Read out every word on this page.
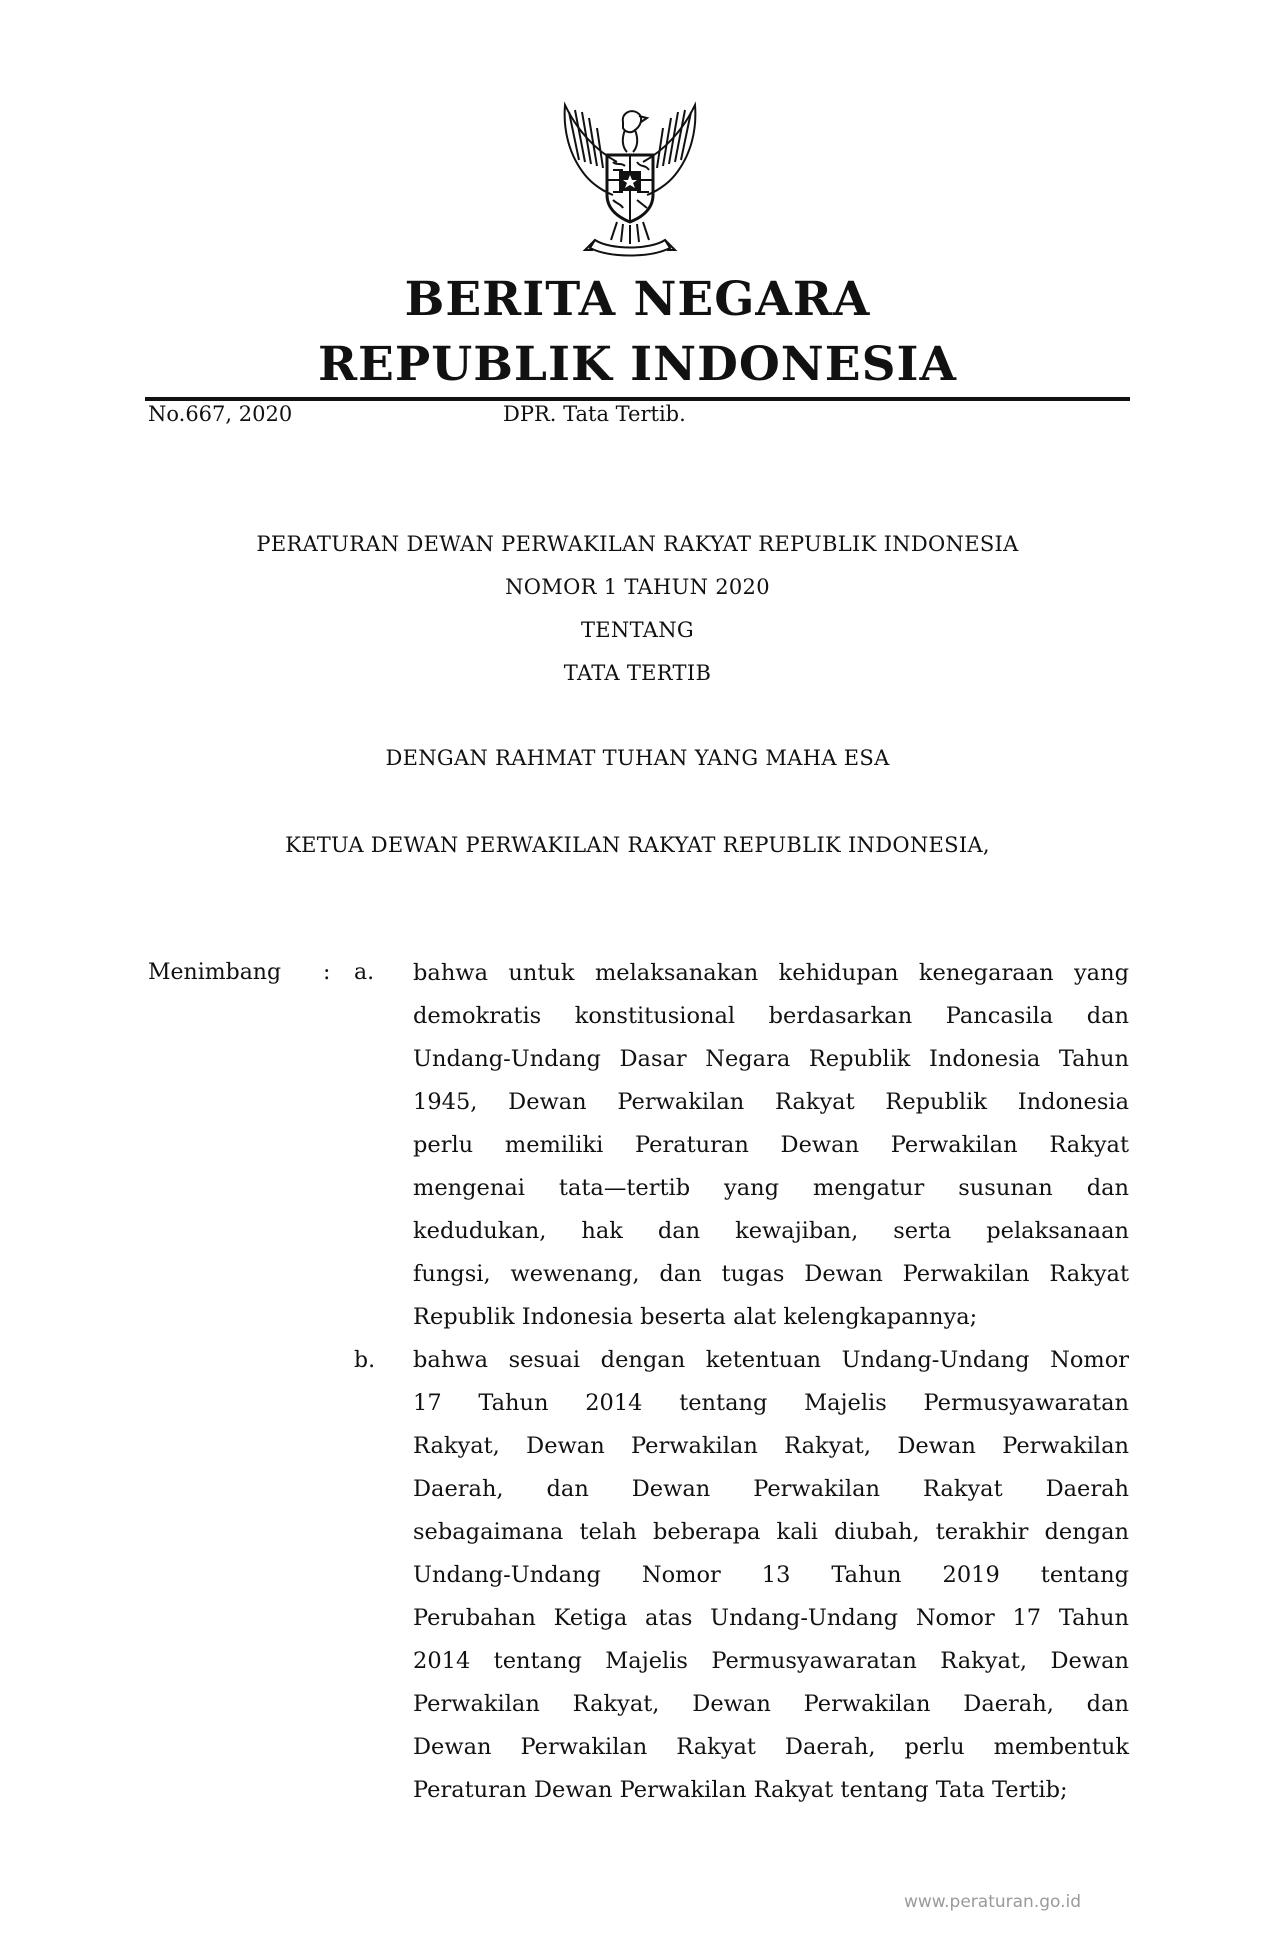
BERITA NEGARA
REPUBLIK INDONESIA
No.667, 2020	DPR. Tata Tertib.
PERATURAN DEWAN PERWAKILAN RAKYAT REPUBLIK INDONESIA
NOMOR 1 TAHUN 2020
TENTANG
TATA TERTIB
DENGAN RAHMAT TUHAN YANG MAHA ESA
KETUA DEWAN PERWAKILAN RAKYAT REPUBLIK INDONESIA,
Menimbang : a. bahwa untuk melaksanakan kehidupan kenegaraan yang
demokratis konstitusional berdasarkan Pancasila dan
Undang-Undang Dasar Negara Republik Indonesia Tahun
1945, Dewan Perwakilan Rakyat Republik Indonesia
perlu memiliki Peraturan Dewan Perwakilan Rakyat
mengenai tata—tertib yang mengatur susunan dan
kedudukan, hak dan kewajiban, serta pelaksanaan
fungsi, wewenang, dan tugas Dewan Perwakilan Rakyat
Republik Indonesia beserta alat kelengkapannya;
b. bahwa sesuai dengan ketentuan Undang-Undang Nomor
17 Tahun 2014 tentang Majelis Permusyawaratan
Rakyat, Dewan Perwakilan Rakyat, Dewan Perwakilan
Daerah, dan Dewan Perwakilan Rakyat Daerah
sebagaimana telah beberapa kali diubah, terakhir dengan
Undang-Undang Nomor 13 Tahun 2019 tentang
Perubahan Ketiga atas Undang-Undang Nomor 17 Tahun
2014 tentang Majelis Permusyawaratan Rakyat, Dewan
Perwakilan Rakyat, Dewan Perwakilan Daerah, dan
Dewan Perwakilan Rakyat Daerah, perlu membentuk
Peraturan Dewan Perwakilan Rakyat tentang Tata Tertib;
www.peraturan.go.id
